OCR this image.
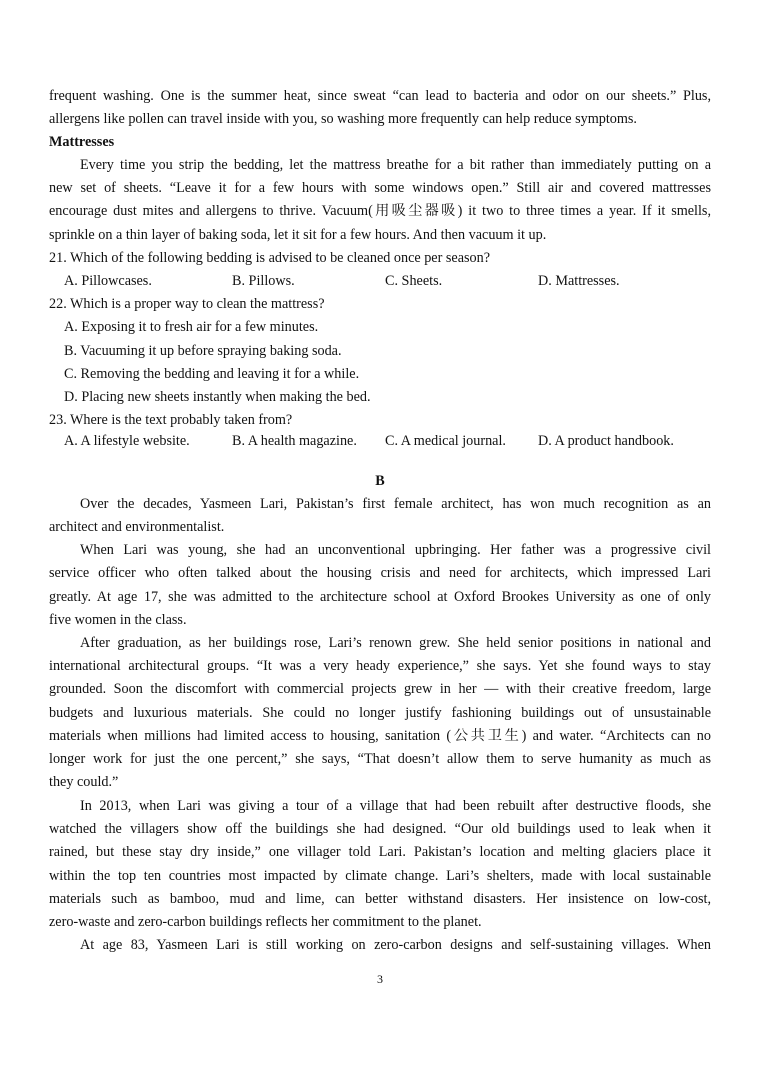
frequent washing. One is the summer heat, since sweat “can lead to bacteria and odor on our sheets.” Plus,
allergens like pollen can travel inside with you, so washing more frequently can help reduce symptoms.
Mattresses
Every time you strip the bedding, let the mattress breathe for a bit rather than immediately putting on a
new set of sheets. “Leave it for a few hours with some windows open.” Still air and covered mattresses
encourage dust mites and allergens to thrive. Vacuum(用吸尘器吸) it two to three times a year. If it smells,
sprinkle on a thin layer of baking soda, let it sit for a few hours. And then vacuum it up.
21. Which of the following bedding is advised to be cleaned once per season?
A. Pillowcases.	B. Pillows.	C. Sheets.	D. Mattresses.
22. Which is a proper way to clean the mattress?
A. Exposing it to fresh air for a few minutes.
B. Vacuuming it up before spraying baking soda.
C. Removing the bedding and leaving it for a while.
D. Placing new sheets instantly when making the bed.
23. Where is the text probably taken from?
A. A lifestyle website.	B. A health magazine. C. A medical journal. D. A product handbook.
B
Over the decades, Yasmeen Lari, Pakistan’s first female architect, has won much recognition as an
architect and environmentalist.
When Lari was young, she had an unconventional upbringing. Her father was a progressive civil
service officer who often talked about the housing crisis and need for architects, which impressed Lari
greatly. At age 17, she was admitted to the architecture school at Oxford Brookes University as one of only
five women in the class.
After graduation, as her buildings rose, Lari’s renown grew. She held senior positions in national and
international architectural groups. “It was a very heady experience,” she says. Yet she found ways to stay
grounded. Soon the discomfort with commercial projects grew in her — with their creative freedom, large
budgets and luxurious materials. She could no longer justify fashioning buildings out of unsustainable
materials when millions had limited access to housing, sanitation (公共卫生) and water. “Architects can no
longer work for just the one percent,” she says, “That doesn’t allow them to serve humanity as much as
they could.”
In 2013, when Lari was giving a tour of a village that had been rebuilt after destructive floods, she
watched the villagers show off the buildings she had designed. “Our old buildings used to leak when it
rained, but these stay dry inside,” one villager told Lari. Pakistan’s location and melting glaciers place it
within the top ten countries most impacted by climate change. Lari’s shelters, made with local sustainable
materials such as bamboo, mud and lime, can better withstand disasters. Her insistence on low-cost,
zero-waste and zero-carbon buildings reflects her commitment to the planet.
At age 83, Yasmeen Lari is still working on zero-carbon designs and self-sustaining villages. When
3
